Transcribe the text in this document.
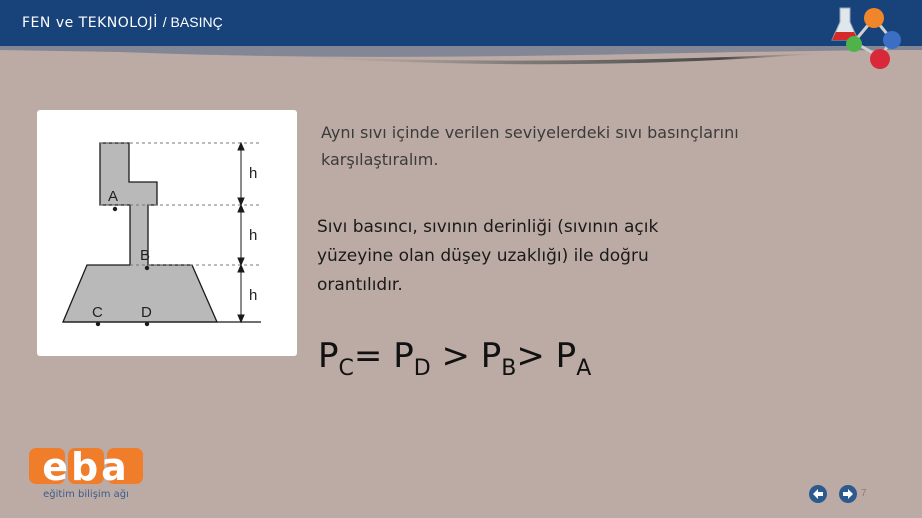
FEN ve TEKNOLOJİ / BASINÇ
h
h
h
A
B
C	D
Aynı sıvı içinde verilen seviyelerdeki sıvı basınçlarını karşılaştıralım.
Sıvı basıncı, sıvının derinliği (sıvının açık yüzeyine olan düşey uzaklığı) ile doğru orantılıdır.
$P_C= P_D > P_B> P_A$
eba
eğitim bilişim ağı	7
